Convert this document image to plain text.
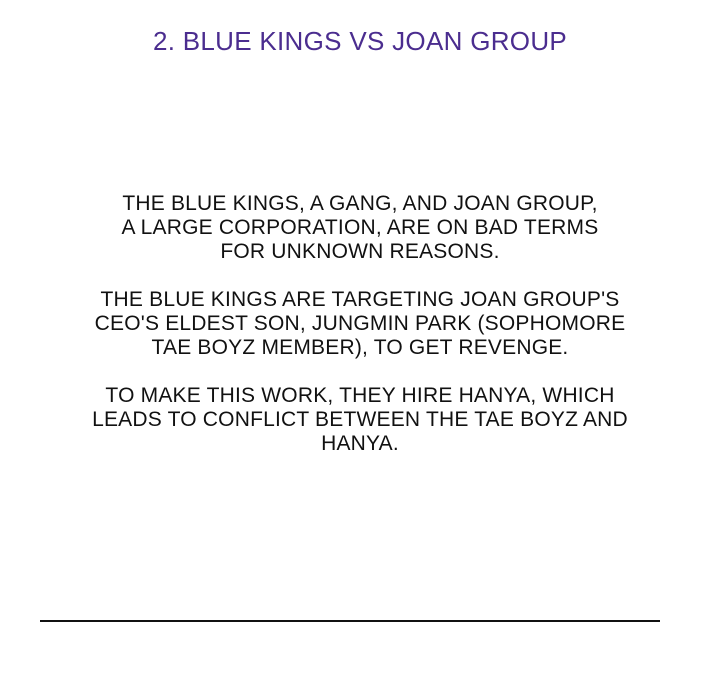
2. BLUE KINGS VS JOAN GROUP

THE BLUE KINGS, A GANG, AND JOAN GROUP,
A LARGE CORPORATION, ARE ON BAD TERMS
FOR UNKNOWN REASONS.

THE BLUE KINGS ARE TARGETING JOAN GROUP'S
CEO'S ELDEST SON, JUNGMIN PARK (SOPHOMORE
TAE BOYZ MEMBER), TO GET REVENGE.

TO MAKE THIS WORK, THEY HIRE HANYA, WHICH
LEADS TO CONFLICT BETWEEN THE TAE BOYZ AND
HANYA.
